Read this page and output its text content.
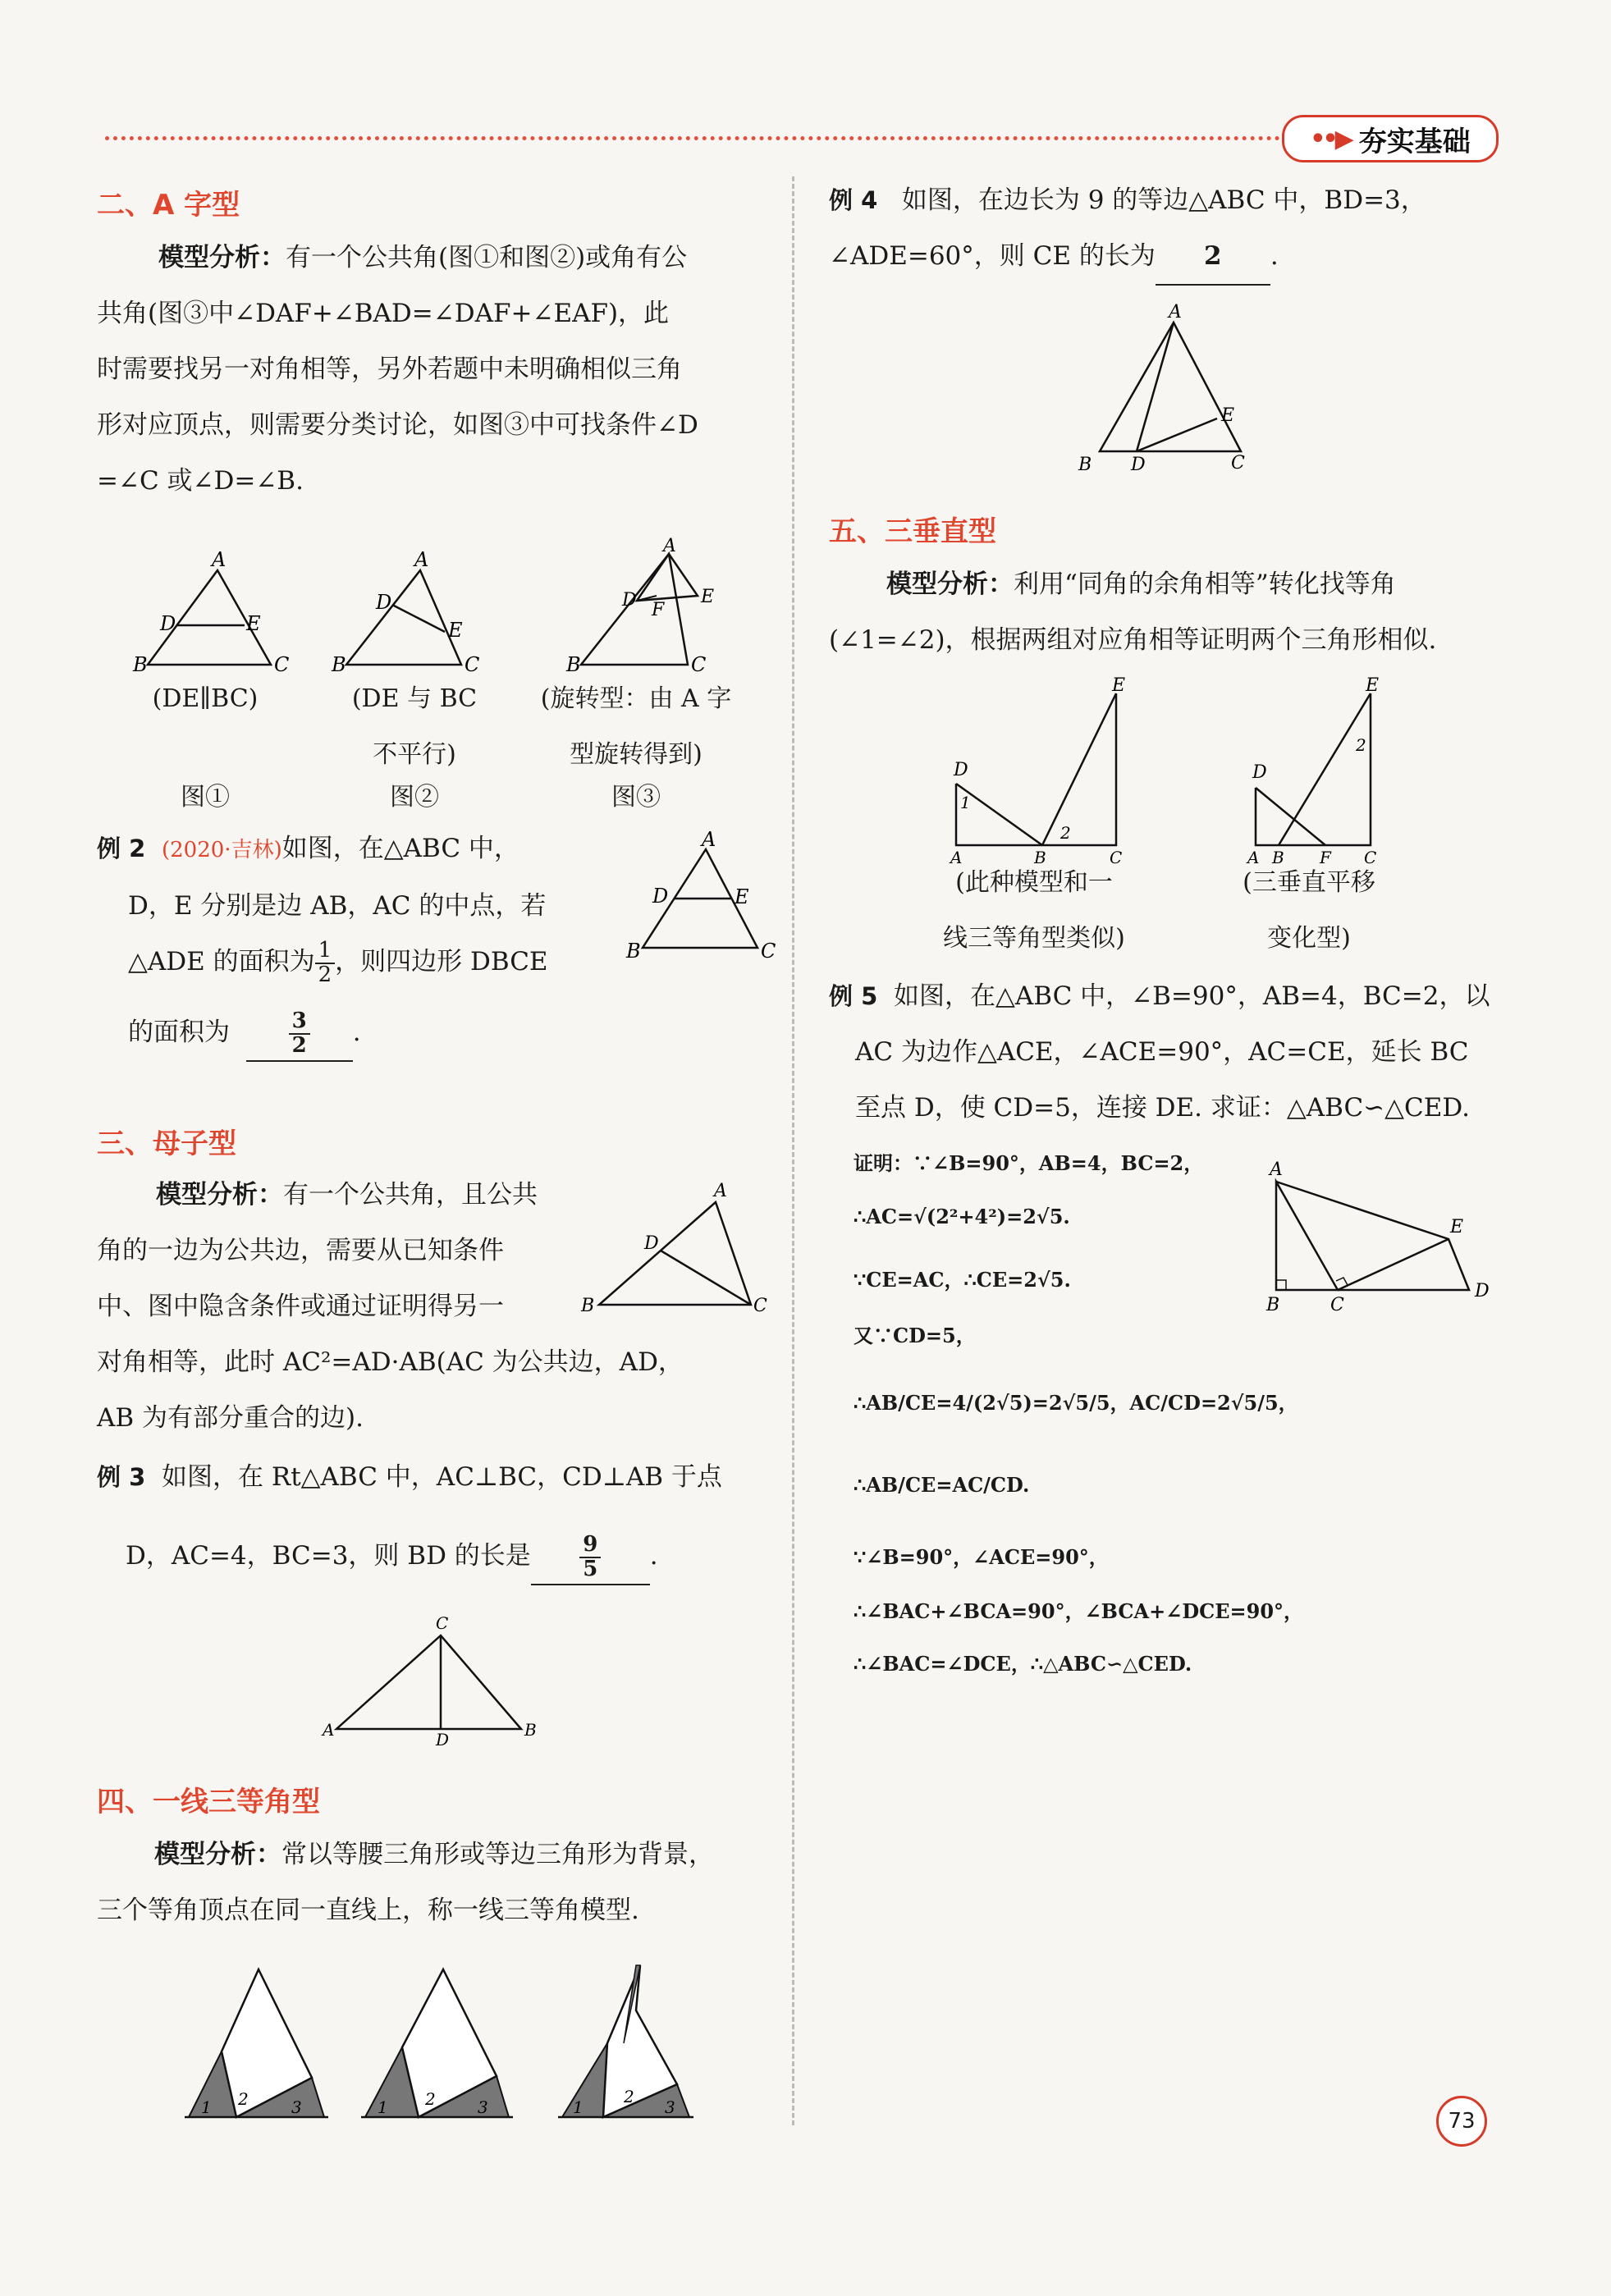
••▶ 夯实基础
二、A 字型
模型分析：有一个公共角(图①和图②)或角有公
共角(图③中∠DAF+∠BAD=∠DAF+∠EAF)，此
时需要找另一对角相等，另外若题中未明确相似三角
形对应顶点，则需要分类讨论，如图③中可找条件∠D
=∠C 或∠D=∠B.
A
D	E
B	C
A
D
E
B	C
A
D	E
F
B	C
(DE∥BC)	(DE 与 BC
不平行)
(旋转型：由 A 字
型旋转得到)
图①	图②	图③
例 2 (2020·吉林)如图，在△ABC 中，
D，E 分别是边 AB，AC 的中点，若
△ADE 的面积为 $\frac{1}{2}$ ，则四边形 DBCE
的面积为	$\frac{3}{2}$ .
A
D	E
B	C
三、母子型
模型分析：有一个公共角，且公共
角的一边为公共边，需要从已知条件
中、图中隐含条件或通过证明得另一
对角相等，此时 AC²=AD·AB(AC 为公共边，AD，
AB 为有部分重合的边).
A
D
B	C
例 3 如图，在 Rt△ABC 中，AC⊥BC，CD⊥AB 于点
D，AC=4，BC=3，则 BD 的长是 $\frac{9}{5}$ .
C
A	B
D
四、一线三等角型
模型分析：常以等腰三角形或等边三角形为背景，
三个等角顶点在同一直线上，称一线三等角模型.
1 2	3	1 2	3	1
2
3
例 4 如图，在边长为 9 的等边△ABC 中，BD=3，
∠ADE=60°，则 CE 的长为 2 .
A
E
B D	C
五、三垂直型
模型分析：利用“同角的余角相等”转化找等角
(∠1=∠2)，根据两组对应角相等证明两个三角形相似.
D
E
1
2
A	B	C
D
E
2
A B F C
(此种模型和一
线三等角型类似)
(三垂直平移
变化型)
例 5 如图，在△ABC 中，∠B=90°，AB=4，BC=2，以
AC 为边作△ACE，∠ACE=90°，AC=CE，延长 BC
至点 D，使 CD=5，连接 DE. 求证：△ABC∽△CED.
证明：∵∠B=90°，AB=4，BC=2，
∴AC=√(2²+4²)=2√5.
∵CE=AC，∴CE=2√5.
又∵CD=5，
∴AB/CE=4/(2√5)=2√5/5，AC/CD=2√5/5，
∴AB/CE=AC/CD.
∵∠B=90°，∠ACE=90°，
∴∠BAC+∠BCA=90°，∠BCA+∠DCE=90°，
∴∠BAC=∠DCE，∴△ABC∽△CED.
A
E
B	C
D
73
